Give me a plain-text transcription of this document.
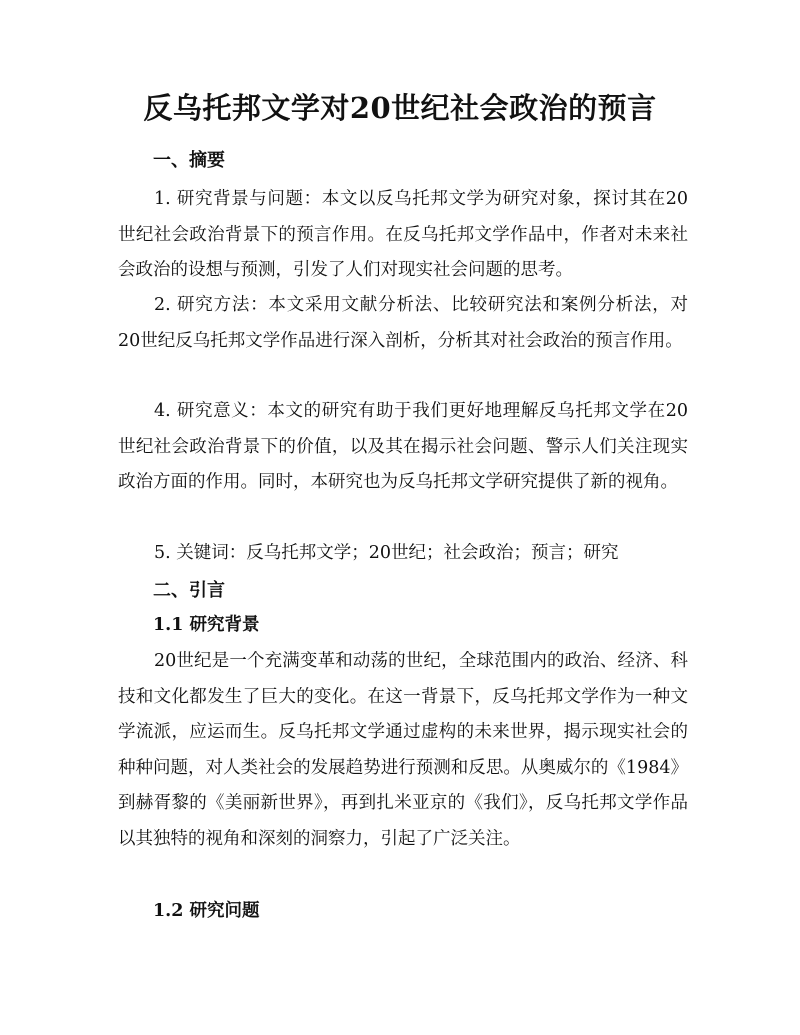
反乌托邦文学对20世纪社会政治的预言
一、摘要

1. 研究背景与问题：本文以反乌托邦文学为研究对象，探讨其在20世纪社会政治背景下的预言作用。在反乌托邦文学作品中，作者对未来社会政治的设想与预测，引发了人们对现实社会问题的思考。

2. 研究方法：本文采用文献分析法、比较研究法和案例分析法，对20世纪反乌托邦文学作品进行深入剖析，分析其对社会政治的预言作用。

4. 研究意义：本文的研究有助于我们更好地理解反乌托邦文学在20世纪社会政治背景下的价值，以及其在揭示社会问题、警示人们关注现实政治方面的作用。同时，本研究也为反乌托邦文学研究提供了新的视角。

5. 关键词：反乌托邦文学；20世纪；社会政治；预言；研究

二、引言
1.1 研究背景

20世纪是一个充满变革和动荡的世纪，全球范围内的政治、经济、科技和文化都发生了巨大的变化。在这一背景下，反乌托邦文学作为一种文学流派，应运而生。反乌托邦文学通过虚构的未来世界，揭示现实社会的种种问题，对人类社会的发展趋势进行预测和反思。从奥威尔的《1984》到赫胥黎的《美丽新世界》，再到扎米亚京的《我们》，反乌托邦文学作品以其独特的视角和深刻的洞察力，引起了广泛关注。

1.2 研究问题
